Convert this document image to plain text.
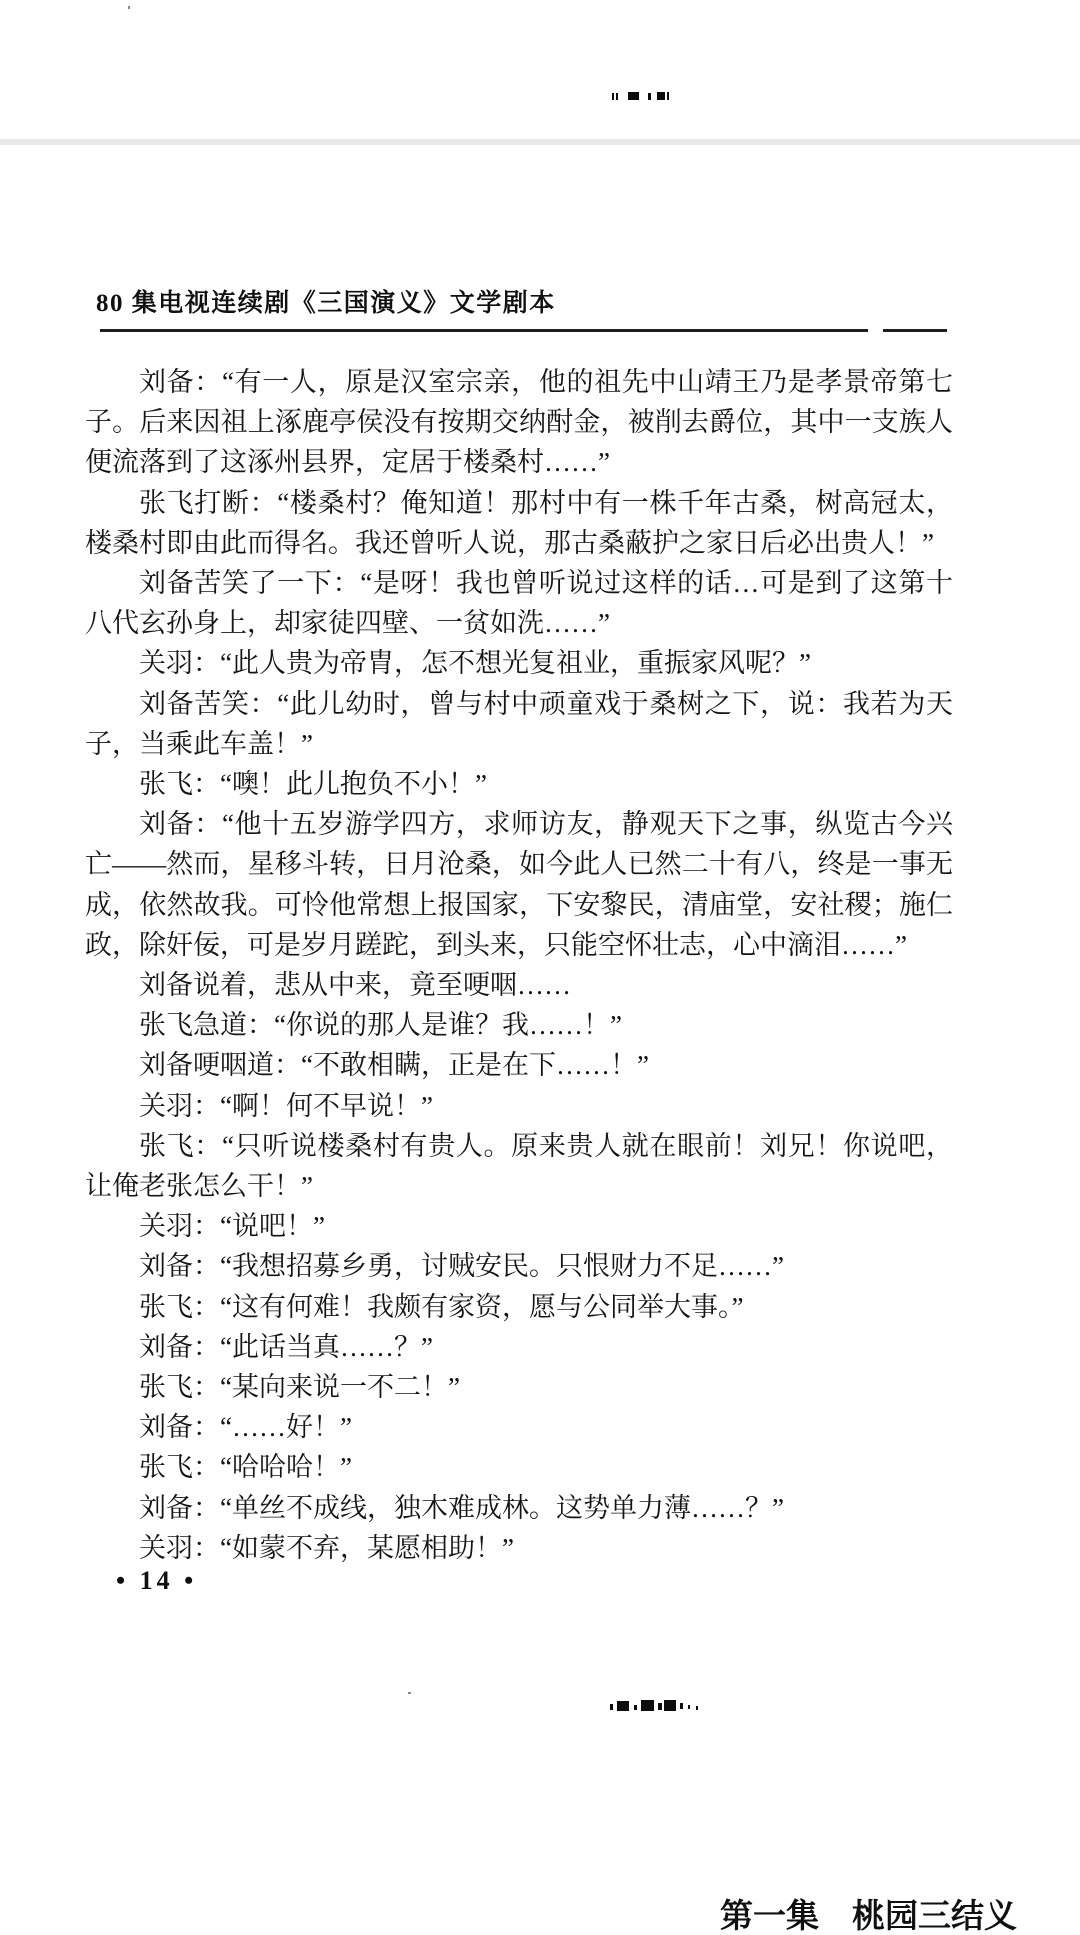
80 集电视连续剧《三国演义》文学剧本

刘备：“有一人，原是汉室宗亲，他的祖先中山靖王乃是孝景帝第七子。后来因祖上涿鹿亭侯没有按期交纳酎金，被削去爵位，其中一支族人便流落到了这涿州县界，定居于楼桑村……”

张飞打断：“楼桑村？俺知道！那村中有一株千年古桑，树高冠太，楼桑村即由此而得名。我还曾听人说，那古桑蔽护之家日后必出贵人！”

刘备苦笑了一下：“是呀！我也曾听说过这样的话…可是到了这第十八代玄孙身上，却家徒四壁、一贫如洗……”

关羽：“此人贵为帝胄，怎不想光复祖业，重振家风呢？”

刘备苦笑：“此儿幼时，曾与村中顽童戏于桑树之下，说：我若为天子，当乘此车盖！”

张飞：“噢！此儿抱负不小！”

刘备：“他十五岁游学四方，求师访友，静观天下之事，纵览古今兴亡——然而，星移斗转，日月沧桑，如今此人已然二十有八，终是一事无成，依然故我。可怜他常想上报国家，下安黎民，清庙堂，安社稷；施仁政，除奸佞，可是岁月蹉跎，到头来，只能空怀壮志，心中滴泪……”

刘备说着，悲从中来，竟至哽咽……

张飞急道：“你说的那人是谁？我……！”

刘备哽咽道：“不敢相瞒，正是在下……！”

关羽：“啊！何不早说！”

张飞：“只听说楼桑村有贵人。原来贵人就在眼前！刘兄！你说吧，让俺老张怎么干！”

关羽：“说吧！”

刘备：“我想招募乡勇，讨贼安民。只恨财力不足……”

张飞：“这有何难！我颇有家资，愿与公同举大事。”

刘备：“此话当真……？”

张飞：“某向来说一不二！”

刘备：“……好！”

张飞：“哈哈哈！”

刘备：“单丝不成线，独木难成林。这势单力薄……？”

关羽：“如蒙不弃，某愿相助！”

• 14 •
第一集　桃园三结义
